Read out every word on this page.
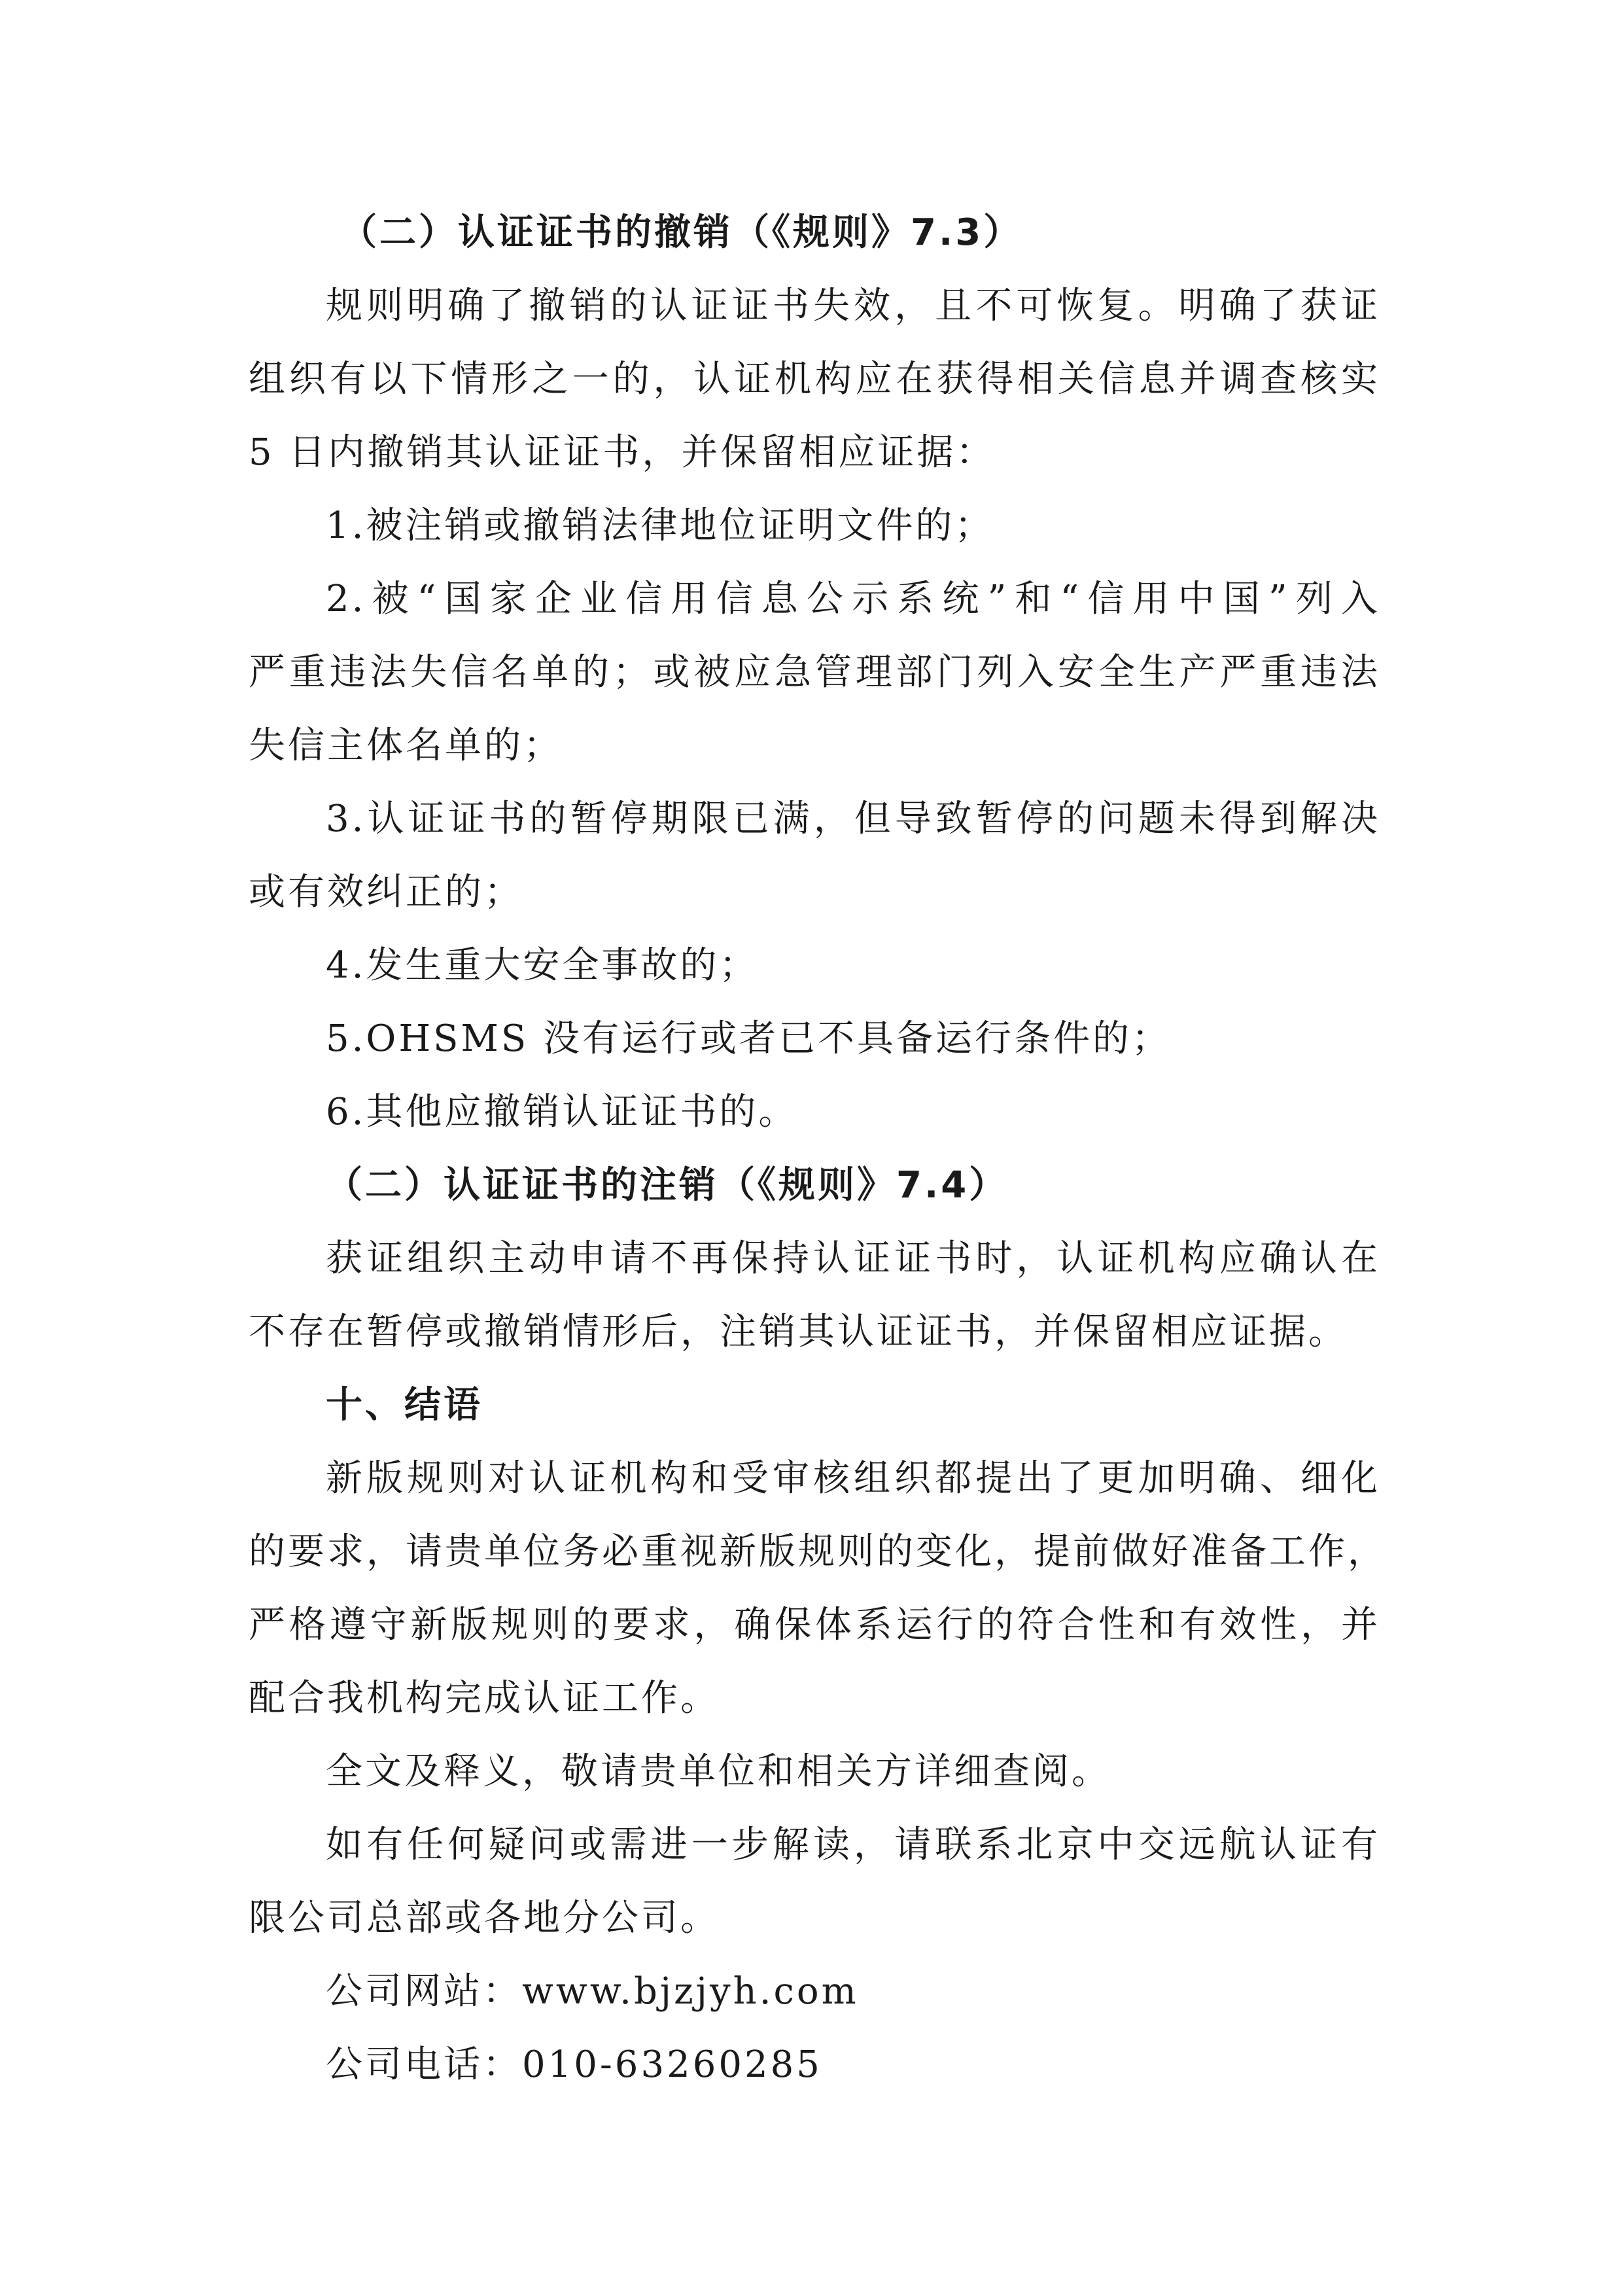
（二）认证证书的撤销（《规则》7.3）
规则明确了撤销的认证证书失效，且不可恢复。明确了获证
组织有以下情形之一的，认证机构应在获得相关信息并调查核实
5 日内撤销其认证证书，并保留相应证据：
1.被注销或撤销法律地位证明文件的；
2.被“国家企业信用信息公示系统”和“信用中国”列入
严重违法失信名单的；或被应急管理部门列入安全生产严重违法
失信主体名单的；
3.认证证书的暂停期限已满，但导致暂停的问题未得到解决
或有效纠正的；
4.发生重大安全事故的；
5.OHSMS 没有运行或者已不具备运行条件的；
6.其他应撤销认证证书的。
（二）认证证书的注销（《规则》7.4）
获证组织主动申请不再保持认证证书时，认证机构应确认在
不存在暂停或撤销情形后，注销其认证证书，并保留相应证据。
十、结语
新版规则对认证机构和受审核组织都提出了更加明确、细化
的要求，请贵单位务必重视新版规则的变化，提前做好准备工作，
严格遵守新版规则的要求，确保体系运行的符合性和有效性，并
配合我机构完成认证工作。
全文及释义，敬请贵单位和相关方详细查阅。
如有任何疑问或需进一步解读，请联系北京中交远航认证有
限公司总部或各地分公司。
公司网站：www.bjzjyh.com
公司电话：010-63260285
